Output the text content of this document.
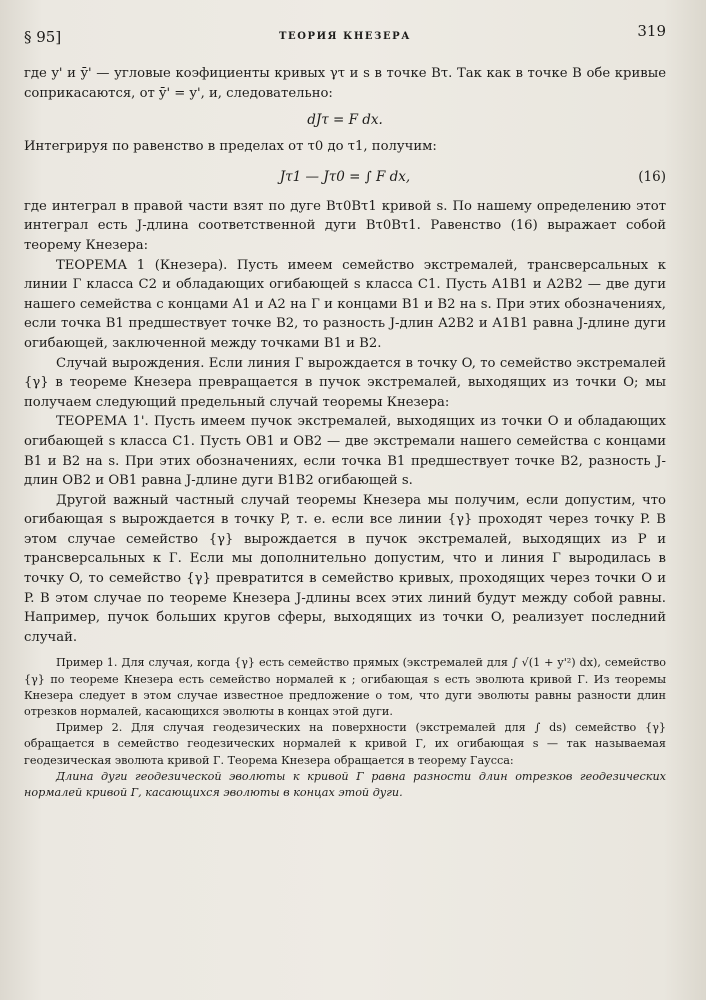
§ 95]	ТЕОРИЯ КНЕЗЕРА	319

где y' и ȳ' — угловые коэфициенты кривых γτ и s в точке Bτ. Так как в точке B обе кривые соприкасаются, от ȳ' = y', и, следовательно:

dJτ = F dx.

Интегрируя по равенство в пределах от τ0 до τ1, получим:

Jτ1 — Jτ0 = ∫ F dx,	(16)

где интеграл в правой части взят по дуге Bτ0Bτ1 кривой s. По нашему определению этот интеграл есть J-длина соответственной дуги Bτ0Bτ1. Равенство (16) выражает собой теорему Кнезера:

ТЕОРЕМА 1 (Кнезера). Пусть имеем семейство экстремалей, трансверсальных к линии Г класса C2 и обладающих огибающей s класса C1. Пусть A1B1 и A2B2 — две дуги нашего семейства с концами A1 и A2 на Г и концами B1 и B2 на s. При этих обозначениях, если точка B1 предшествует точке B2, то разность J-длин A2B2 и A1B1 равна J-длине дуги огибающей, заключенной между точками B1 и B2.

Случай вырождения. Если линия Г вырождается в точку O, то семейство экстремалей {γ} в теореме Кнезера превращается в пучок экстремалей, выходящих из точки O; мы получаем следующий предельный случай теоремы Кнезера:

ТЕОРЕМА 1'. Пусть имеем пучок экстремалей, выходящих из точки O и обладающих огибающей s класса C1. Пусть OB1 и OB2 — две экстремали нашего семейства с концами B1 и B2 на s. При этих обозначениях, если точка B1 предшествует точке B2, разность J-длин OB2 и OB1 равна J-длине дуги B1B2 огибающей s.

Другой важный частный случай теоремы Кнезера мы получим, если допустим, что огибающая s вырождается в точку P, т. е. если все линии {γ} проходят через точку P. В этом случае семейство {γ} вырождается в пучок экстремалей, выходящих из P и трансверсальных к Г. Если мы дополнительно допустим, что и линия Г выродилась в точку O, то семейство {γ} превратится в семейство кривых, проходящих через точки O и P. В этом случае по теореме Кнезера J-длины всех этих линий будут между собой равны. Например, пучок больших кругов сферы, выходящих из точки O, реализует последний случай.

Пример 1. Для случая, когда {γ} есть семейство прямых (экстремалей для ∫ √(1 + y'²) dx), семейство {γ} по теореме Кнезера есть семейство нормалей к ; огибающая s есть эволюта кривой Г. Из теоремы Кнезера следует в этом случае известное предложение о том, что дуги эволюты равны разности длин отрезков нормалей, касающихся эволюты в концах этой дуги.

Пример 2. Для случая геодезических на поверхности (экстремалей для ∫ ds) семейство {γ} обращается в семейство геодезических нормалей к кривой Г, их огибающая s — так называемая геодезическая эволюта кривой Г. Теорема Кнезера обращается в теорему Гаусса:

Длина дуги геодезической эволюты к кривой Г равна разности длин отрезков геодезических нормалей кривой Г, касающихся эволюты в концах этой дуги.
